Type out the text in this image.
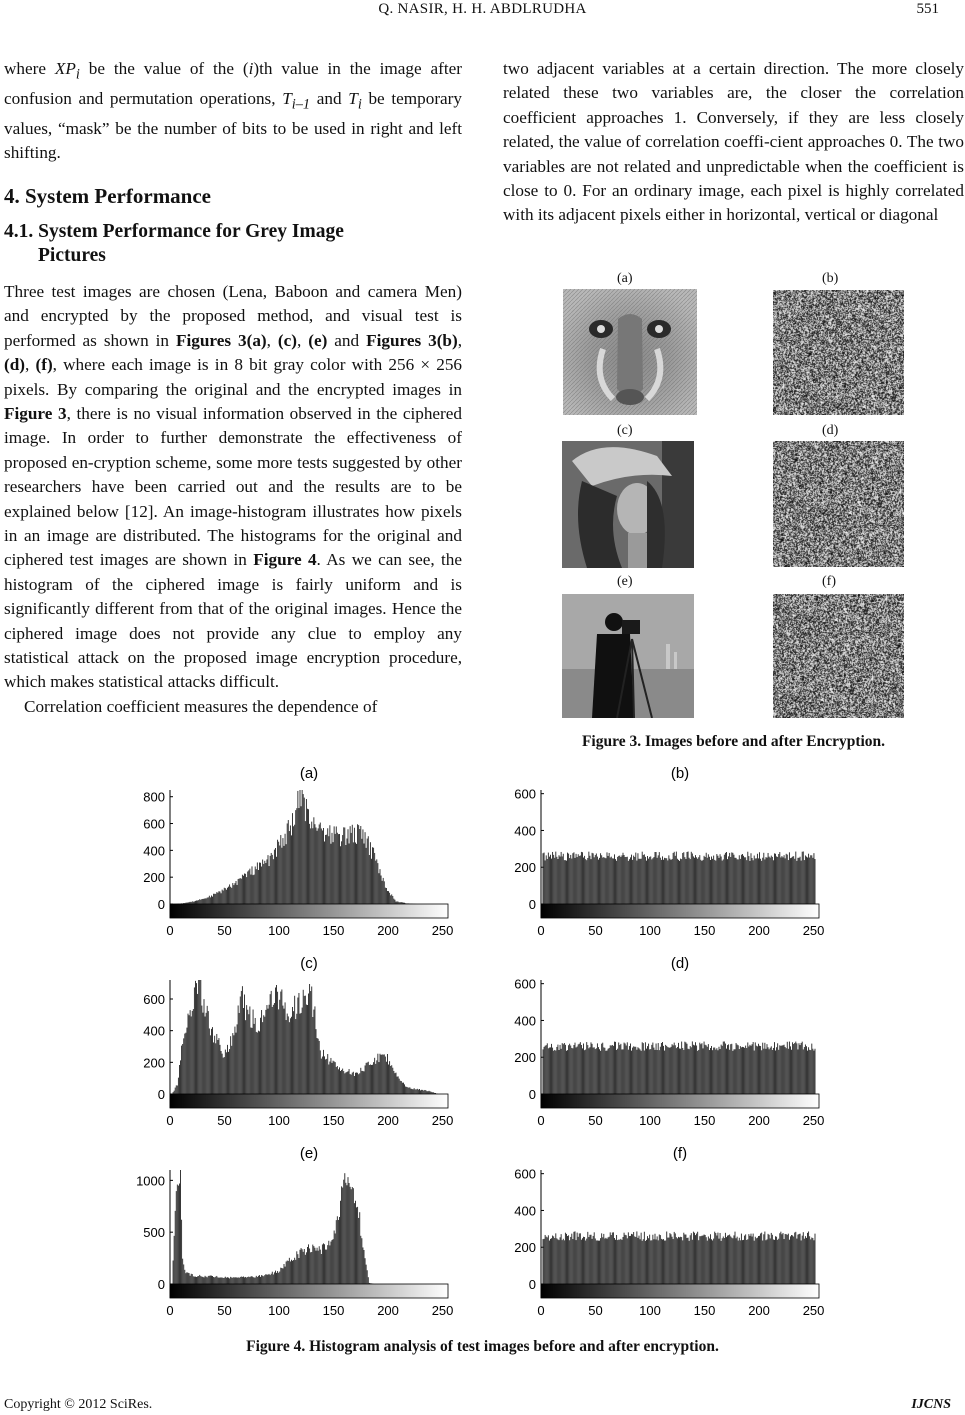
Q. NASIR, H. H. ABDLRUDHA	551

where $XP_i$ be the value of the (i)th value in the image after confusion and permutation operations, $T_{i-1}$ and $T_i$ be temporary values, “mask” be the number of bits to be used in right and left shifting.

4. System Performance
4.1. System Performance for Grey Image
Pictures

Three test images are chosen (Lena, Baboon and camera Men) and encrypted by the proposed method, and visual test is performed as shown in Figures 3(a), (c), (e) and Figures 3(b), (d), (f), where each image is in 8 bit gray color with 256 × 256 pixels. By comparing the original and the encrypted images in Figure 3, there is no visual information observed in the ciphered image. In order to further demonstrate the effectiveness of proposed en-cryption scheme, some more tests suggested by other researchers have been carried out and the results are to be explained below [12]. An image-histogram illustrates how pixels in an image are distributed. The histograms for the original and ciphered test images are shown in Figure 4. As we can see, the histogram of the ciphered image is fairly uniform and is significantly different from that of the original images. Hence the ciphered image does not provide any clue to employ any statistical attack on the proposed image encryption procedure, which makes statistical attacks difficult.

Correlation coefficient measures the dependence of

two adjacent variables at a certain direction. The more closely related these two variables are, the closer the correlation coefficient approaches 1. Conversely, if they are less closely related, the value of correlation coeffi-cient approaches 0. The two variables are not related and unpredictable when the coefficient is close to 0. For an ordinary image, each pixel is highly correlated with its adjacent pixels either in horizontal, vertical or diagonal

(a)	(b)
(c)	(d)
(e)	(f)
Figure 3. Images before and after Encryption.
(a)
0
200
400
600
800
0	50	100	150	200	250
(b)
0
200
400
600
0	50	100	150	200	250
(c)
0
200
400
600
0	50	100	150	200	250
(d)
0
200
400
600
0	50	100	150	200	250
(e)
0
500
1000
0	50	100	150	200	250
(f)
0
200
400
600
0	50	100	150	200	250
Figure 4. Histogram analysis of test images before and after encryption.
Copyright © 2012 SciRes.	IJCNS
